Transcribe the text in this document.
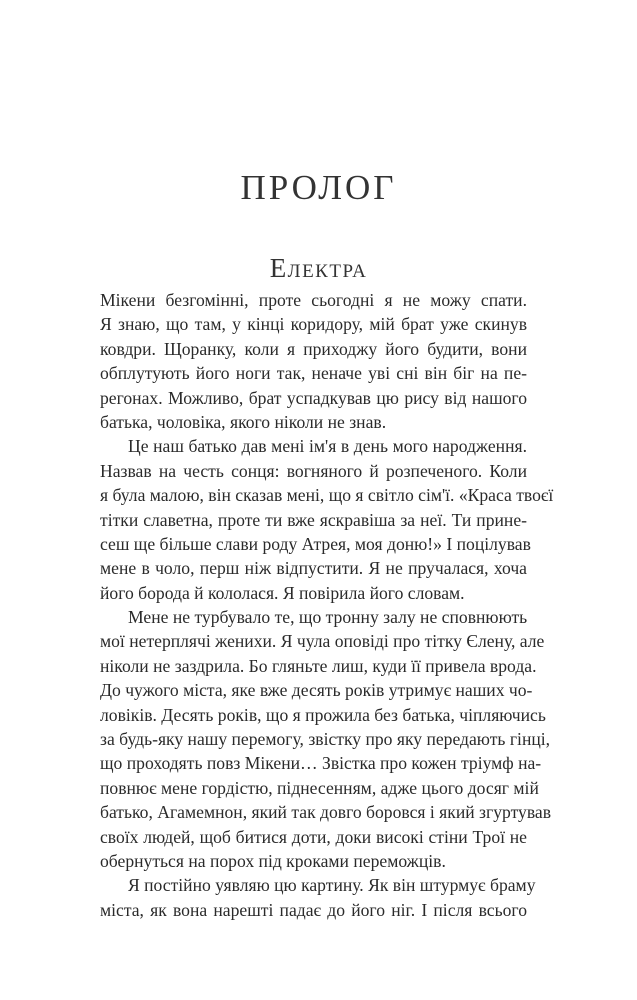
ПРОЛОГ
Електра
Мікени безгомінні, проте сьогодні я не можу спати.
Я знаю, що там, у кінці коридору, мій брат уже скинув
ковдри. Щоранку, коли я приходжу його будити, вони
обплутують його ноги так, неначе уві сні він біг на пе-
регонах. Можливо, брат успадкував цю рису від нашого
батька, чоловіка, якого ніколи не знав.
Це наш батько дав мені ім'я в день мого народження.
Назвав на честь сонця: вогняного й розпеченого. Коли
я була малою, він сказав мені, що я світло сім'ї. «Краса твоєї
тітки славетна, проте ти вже яскравіша за неї. Ти прине-
сеш ще більше слави роду Атрея, моя доню!» І поцілував
мене в чоло, перш ніж відпустити. Я не пручалася, хоча
його борода й кололася. Я повірила його словам.
Мене не турбувало те, що тронну залу не сповнюють
мої нетерплячі женихи. Я чула оповіді про тітку Єлену, але
ніколи не заздрила. Бо гляньте лиш, куди її привела врода.
До чужого міста, яке вже десять років утримує наших чо-
ловіків. Десять років, що я прожила без батька, чіпляючись
за будь-яку нашу перемогу, звістку про яку передають гінці,
що проходять повз Мікени… Звістка про кожен тріумф на-
повнює мене гордістю, піднесенням, адже цього досяг мій
батько, Агамемнон, який так довго боровся і який згуртував
своїх людей, щоб битися доти, доки високі стіни Трої не
обернуться на порох під кроками переможців.
Я постійно уявляю цю картину. Як він штурмує браму
міста, як вона нарешті падає до його ніг. І після всього
